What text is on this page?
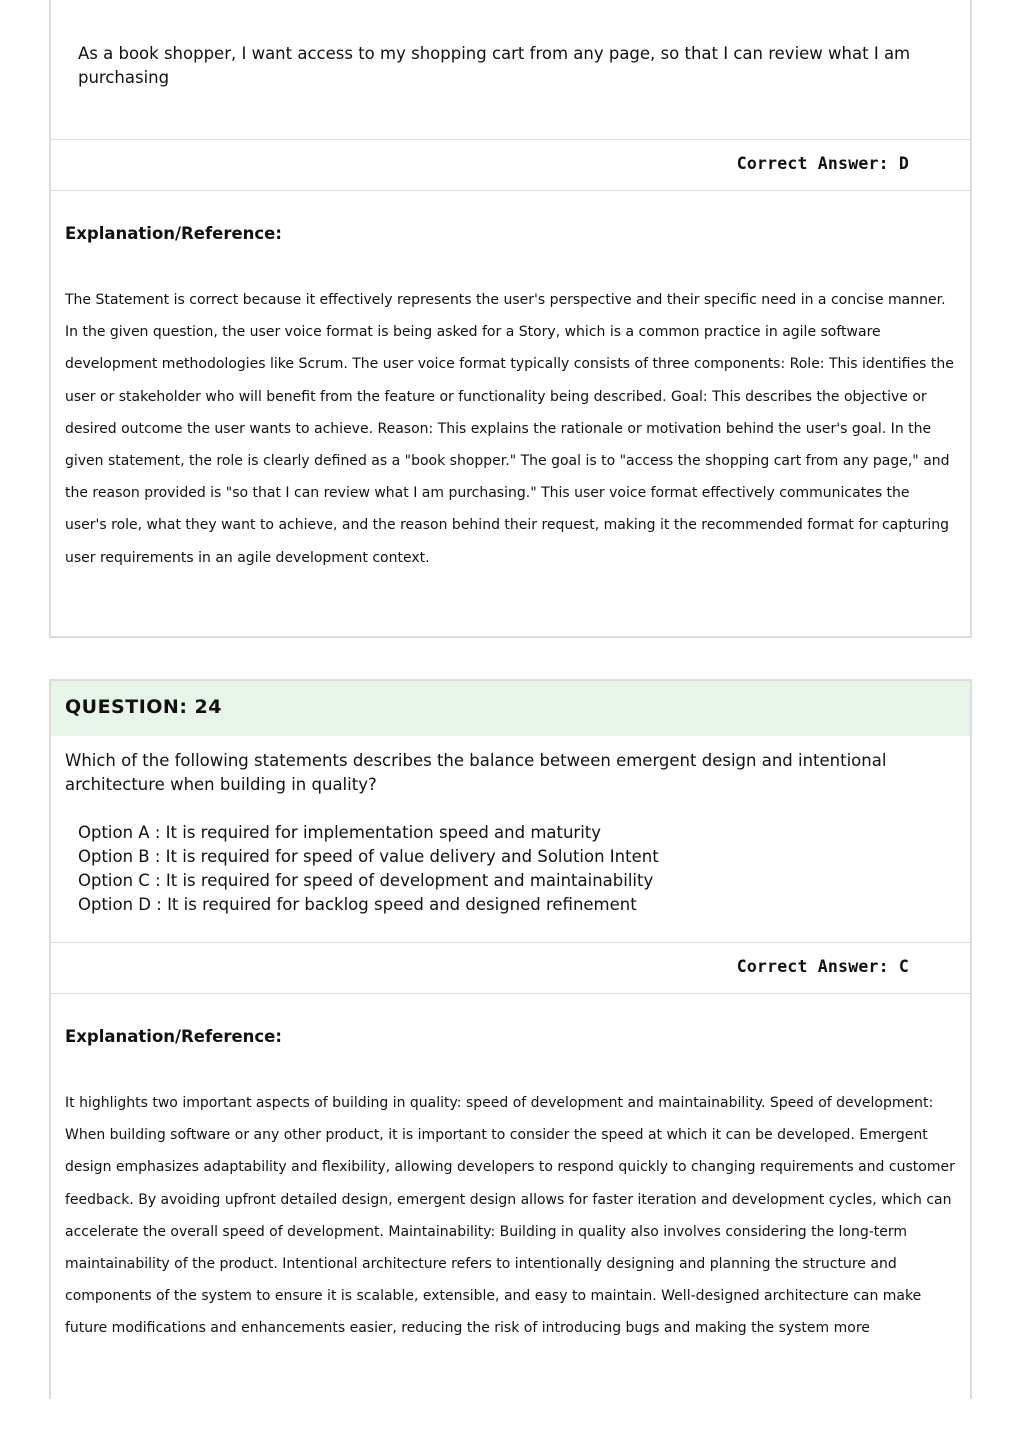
As a book shopper, I want access to my shopping cart from any page, so that I can review what I am purchasing
Correct Answer: D
Explanation/Reference:
The Statement is correct because it effectively represents the user's perspective and their specific need in a concise manner. In the given question, the user voice format is being asked for a Story, which is a common practice in agile software development methodologies like Scrum. The user voice format typically consists of three components: Role: This identifies the user or stakeholder who will benefit from the feature or functionality being described. Goal: This describes the objective or desired outcome the user wants to achieve. Reason: This explains the rationale or motivation behind the user's goal. In the given statement, the role is clearly defined as a "book shopper." The goal is to "access the shopping cart from any page," and the reason provided is "so that I can review what I am purchasing." This user voice format effectively communicates the user's role, what they want to achieve, and the reason behind their request, making it the recommended format for capturing user requirements in an agile development context.
QUESTION: 24
Which of the following statements describes the balance between emergent design and intentional architecture when building in quality?
Option A : It is required for implementation speed and maturity
Option B : It is required for speed of value delivery and Solution Intent
Option C : It is required for speed of development and maintainability
Option D : It is required for backlog speed and designed refinement
Correct Answer: C
Explanation/Reference:
It highlights two important aspects of building in quality: speed of development and maintainability. Speed of development: When building software or any other product, it is important to consider the speed at which it can be developed. Emergent design emphasizes adaptability and flexibility, allowing developers to respond quickly to changing requirements and customer feedback. By avoiding upfront detailed design, emergent design allows for faster iteration and development cycles, which can accelerate the overall speed of development. Maintainability: Building in quality also involves considering the long-term maintainability of the product. Intentional architecture refers to intentionally designing and planning the structure and components of the system to ensure it is scalable, extensible, and easy to maintain. Well-designed architecture can make future modifications and enhancements easier, reducing the risk of introducing bugs and making the system more
